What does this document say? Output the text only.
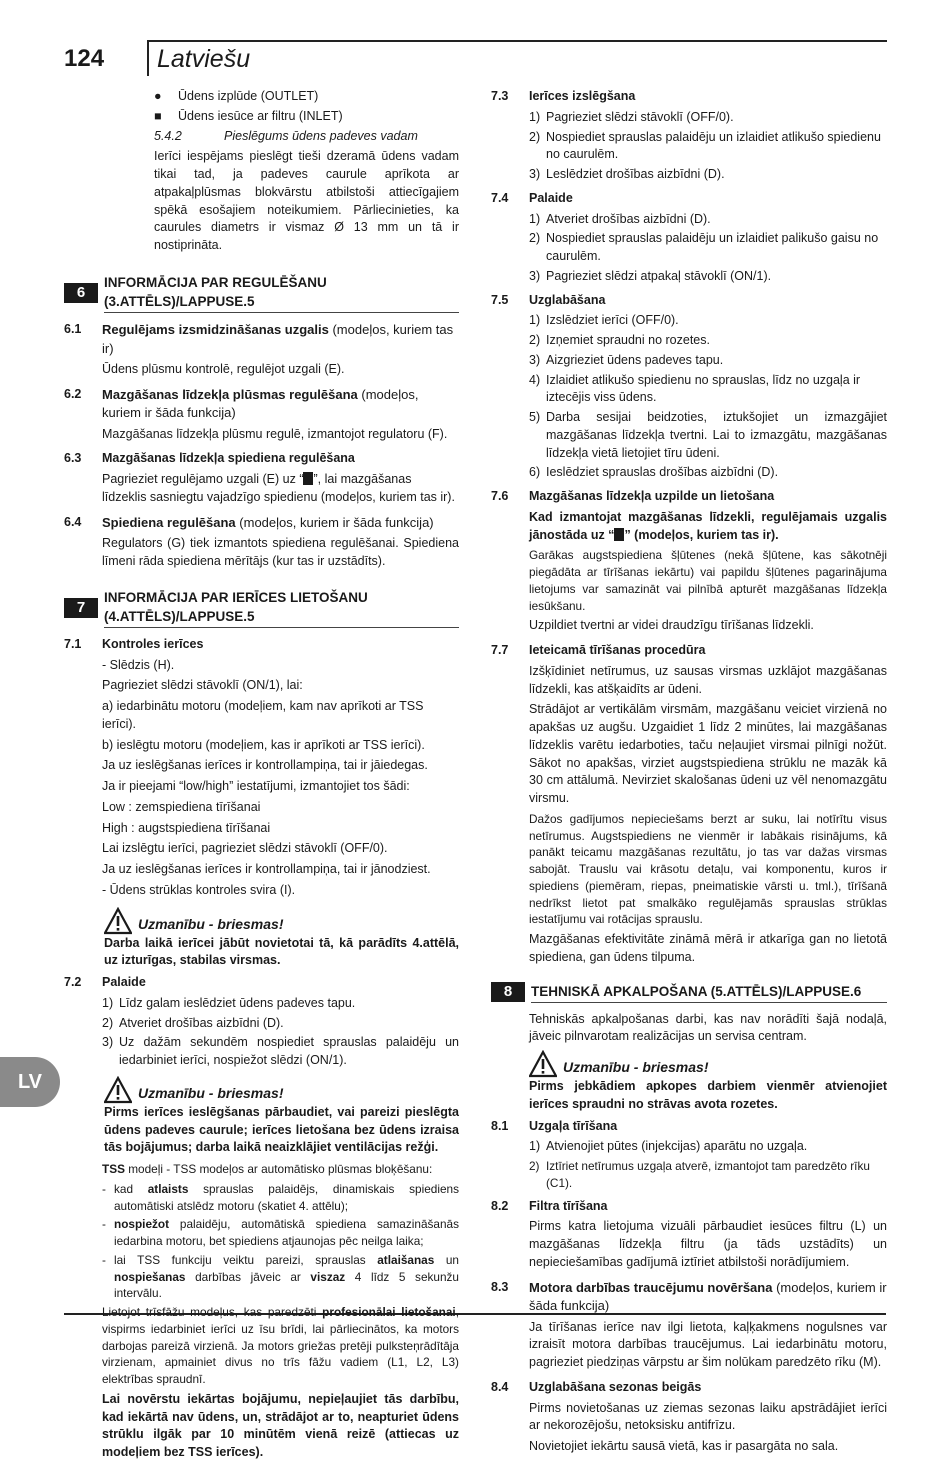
124 Latviešu
LV
●	Ūdens izplūde (OUTLET)
■	Ūdens iesūce ar filtru (INLET)

5.4.2	Pieslēgums ūdens padeves vadam

Ierīci iespējams pieslēgt tieši dzeramā ūdens vadam tikai tad, ja padeves caurule aprīkota ar atpakaļplūsmas blokvārstu atbilstoši attiecīgajiem spēkā esošajiem noteikumiem. Pārliecinieties, ka caurules diametrs ir vismaz Ø 13 mm un tā ir nostiprināta.

6
INFORMĀCIJA PAR REGULĒŠANU (3.ATTĒLS)/LAPPUSE.5
6.1	Regulējams izsmidzināšanas uzgalis (modeļos, kuriem tas ir)

Ūdens plūsmu kontrolē, regulējot uzgali (E).

6.2	Mazgāšanas līdzekļa plūsmas regulēšana (modeļos, kuriem ir šāda funkcija)

Mazgāšanas līdzekļa plūsmu regulē, izmantojot regulatoru (F).

6.3	Mazgāšanas līdzekļa spiediena regulēšana

Pagrieziet regulējamo uzgali (E) uz “ ”, lai mazgāšanas līdzeklis sasniegtu vajadzīgo spiedienu (modeļos, kuriem tas ir).

6.4	Spiediena regulēšana (modeļos, kuriem ir šāda funkcija)

Regulators (G) tiek izmantots spiediena regulēšanai. Spiediena līmeni rāda spiediena mērītājs (kur tas ir uzstādīts).

7
INFORMĀCIJA PAR IERĪCES LIETOŠANU (4.ATTĒLS)/LAPPUSE.5
7.1	Kontroles ierīces

- Slēdzis (H).

Pagrieziet slēdzi stāvoklī (ON/1), lai:

a) iedarbinātu motoru (modeļiem, kam nav aprīkoti ar TSS ierīci).

b) ieslēgtu motoru (modeļiem, kas ir aprīkoti ar TSS ierīci).

Ja uz ieslēgšanas ierīces ir kontrollampiņa, tai ir jāiedegas.

Ja ir pieejami “low/high” iestatījumi, izmantojiet tos šādi:

Low : zemspiediena tīrīšanai

High : augstspiediena tīrīšanai

Lai izslēgtu ierīci, pagrieziet slēdzi stāvoklī (OFF/0).

Ja uz ieslēgšanas ierīces ir kontrollampiņa, tai ir jānodziest.

- Ūdens strūklas kontroles svira (I).

Uzmanību - briesmas!

Darba laikā ierīcei jābūt novietotai tā, kā parādīts 4.attēlā, uz izturīgas, stabilas virsmas.

7.2	Palaide

1) Līdz galam ieslēdziet ūdens padeves tapu.
2) Atveriet drošības aizbīdni (D).
3) Uz dažām sekundēm nospiediet sprauslas palaidēju un iedarbiniet ierīci, nospiežot slēdzi (ON/1).
Uzmanību - briesmas!

Pirms ierīces ieslēgšanas pārbaudiet, vai pareizi pieslēgta ūdens padeves caurule; ierīces lietošana bez ūdens izraisa tās bojājumus; darba laikā neaizklājiet ventilācijas režģi.

TSS modeļi - TSS modeļos ar automātisko plūsmas bloķēšanu:

- kad atlaists sprauslas palaidējs, dinamiskais spiediens automātiski atslēdz motoru (skatiet 4. attēlu);
- nospiežot palaidēju, automātiskā spiediena samazināšanās iedarbina motoru, bet spiediens atjaunojas pēc neilga laika;
- lai TSS funkciju veiktu pareizi, sprauslas atlaišanas un nospiešanas darbības jāveic ar viszaz 4 līdz 5 sekunžu intervālu.

Lietojot trīsfāžu modeļus, kas paredzēti profesionālai lietošanai, vispirms iedarbiniet ierīci uz īsu brīdi, lai pārliecinātos, ka motors darbojas pareizā virzienā. Ja motors griežas pretēji pulksteņrādītāja virzienam, apmainiet divus no trīs fāžu vadiem (L1, L2, L3) elektrības spraudnī.

Lai novērstu iekārtas bojājumu, nepieļaujiet tās darbību, kad iekārtā nav ūdens, un, strādājot ar to, neapturiet ūdens strūklu ilgāk par 10 minūtēm vienā reizē (attiecas uz modeļiem bez TSS ierīces).

7.3	Ierīces izslēgšana

1) Pagrieziet slēdzi stāvoklī (OFF/0).
2) Nospiediet sprauslas palaidēju un izlaidiet atlikušo spiedienu no caurulēm.
3) Leslēdziet drošības aizbīdni (D).
7.4	Palaide

1) Atveriet drošības aizbīdni (D).
2) Nospiediet sprauslas palaidēju un izlaidiet palikušo gaisu no caurulēm.
3) Pagrieziet slēdzi atpakaļ stāvoklī (ON/1).
7.5	Uzglabāšana

1) Izslēdziet ierīci (OFF/0).
2) Izņemiet spraudni no rozetes.
3) Aizgrieziet ūdens padeves tapu.
4) Izlaidiet atlikušo spiedienu no sprauslas, līdz no uzgaļa ir iztecējis viss ūdens.
5) Darba sesijai beidzoties, iztukšojiet un izmazgājiet mazgāšanas līdzekļa tvertni. Lai to izmazgātu, mazgāšanas līdzekļa vietā lietojiet tīru ūdeni.
6) Ieslēdziet sprauslas drošības aizbīdni (D).
7.6	Mazgāšanas līdzekļa uzpilde un lietošana

Kad izmantojat mazgāšanas līdzekli, regulējamais uzgalis jānostāda uz “ ” (modeļos, kuriem tas ir).

Garākas augstspiediena šļūtenes (nekā šļūtene, kas sākotnēji piegādāta ar tīrīšanas iekārtu) vai papildu šļūtenes pagarinājuma lietojums var samazināt vai pilnībā apturēt mazgāšanas līdzekļa iesūkšanu.

Uzpildiet tvertni ar videi draudzīgu tīrīšanas līdzekli.

7.7	Ieteicamā tīrīšanas procedūra

Izšķīdiniet netīrumus, uz sausas virsmas uzklājot mazgāšanas līdzekli, kas atšķaidīts ar ūdeni.

Strādājot ar vertikālām virsmām, mazgāšanu veiciet virzienā no apakšas uz augšu. Uzgaidiet 1 līdz 2 minūtes, lai mazgāšanas līdzeklis varētu iedarboties, taču neļaujiet virsmai pilnīgi nožūt. Sākot no apakšas, virziet augstspiediena strūklu ne mazāk kā 30 cm attālumā. Nevirziet skalošanas ūdeni uz vēl nenomazgātu virsmu.

Dažos gadījumos nepieciešams berzt ar suku, lai notīrītu visus netīrumus. Augstspiediens ne vienmēr ir labākais risinājums, kā panākt teicamu mazgāšanas rezultātu, jo tas var dažas virsmas sabojāt. Trauslu vai krāsotu detaļu, vai komponentu, kuros ir spiediens (piemēram, riepas, pneimatiskie vārsti u. tml.), tīrīšanā nedrīkst lietot pat smalkāko regulējamās sprauslas strūklas iestatījumu vai rotācijas sprauslu.

Mazgāšanas efektivitāte zināmā mērā ir atkarīga gan no lietotā spiediena, gan ūdens tilpuma.

8	TEHNISKĀ APKALPOŠANA (5.ATTĒLS)/LAPPUSE.6

Tehniskās apkalpošanas darbi, kas nav norādīti šajā nodaļā, jāveic pilnvarotam realizācijas un servisa centram.

Uzmanību - briesmas!

Pirms jebkādiem apkopes darbiem vienmēr atvienojiet ierīces spraudni no strāvas avota rozetes.

8.1	Uzgaļa tīrīšana

1) Atvienojiet pūtes (injekcijas) aparātu no uzgaļa.
2) Iztīriet netīrumus uzgaļa atverē, izmantojot tam paredzēto rīku (C1).
8.2	Filtra tīrīšana

Pirms katra lietojuma vizuāli pārbaudiet iesūces filtru (L) un mazgāšanas līdzekļa filtru (ja tāds uzstādīts) un nepieciešamības gadījumā iztīriet atbilstoši norādījumiem.

8.3	Motora darbības traucējumu novēršana (modeļos, kuriem ir šāda funkcija)

Ja tīrīšanas ierīce nav ilgi lietota, kaļķakmens nogulsnes var izraisīt motora darbības traucējumus. Lai iedarbinātu motoru, pagrieziet piedziņas vārpstu ar šim nolūkam paredzēto rīku (M).

8.4	Uzglabāšana sezonas beigās

Pirms novietošanas uz ziemas sezonas laiku apstrādājiet ierīci ar nekorozējošu, netoksisku antifrīzu.

Novietojiet iekārtu sausā vietā, kas ir pasargāta no sala.
